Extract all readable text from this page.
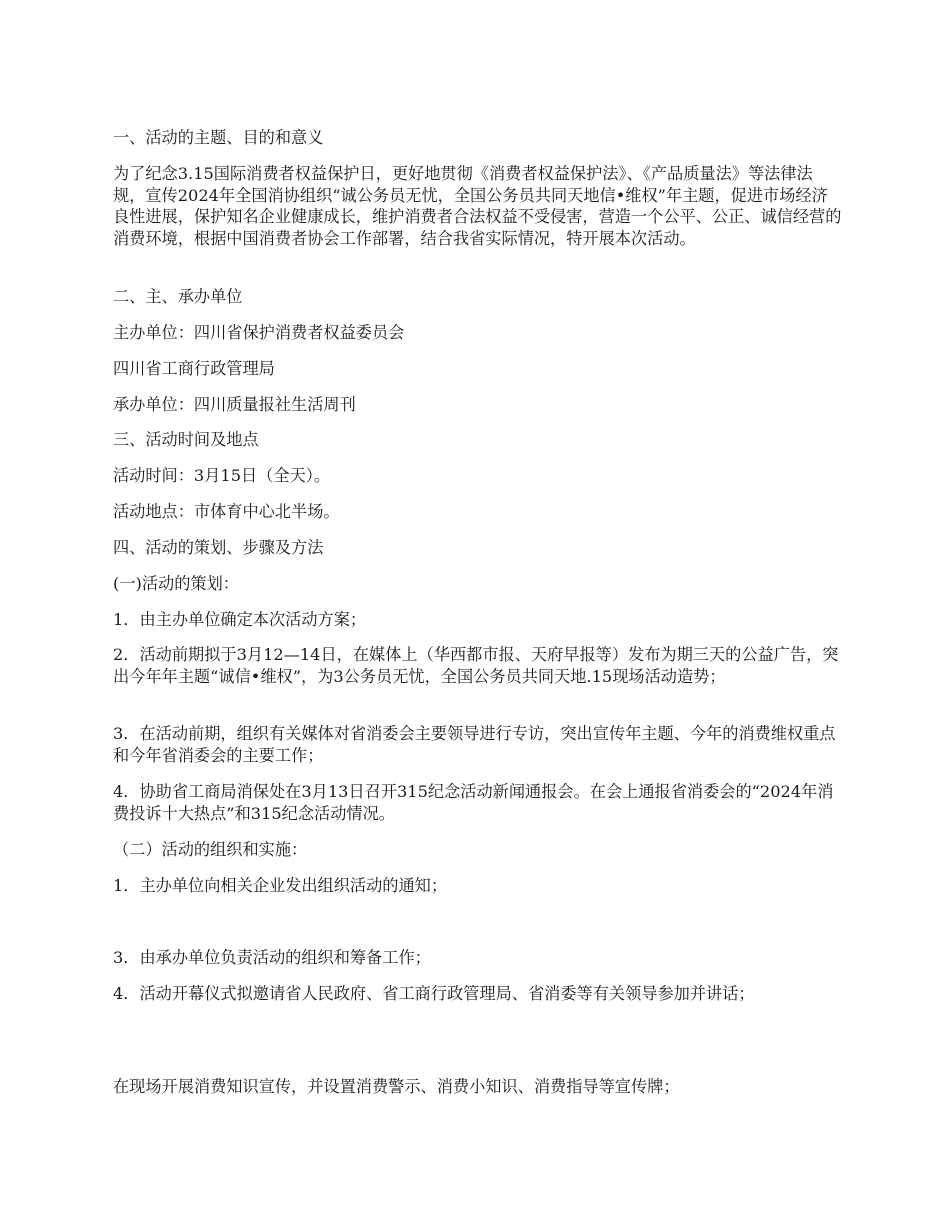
一、活动的主题、目的和意义

为了纪念3.15国际消费者权益保护日，更好地贯彻《消费者权益保护法》、《产品质量法》等法律法规，宣传2024年全国消协组织“诚公务员无忧，全国公务员共同天地信•维权”年主题，促进市场经济良性进展，保护知名企业健康成长，维护消费者合法权益不受侵害，营造一个公平、公正、诚信经营的消费环境，根据中国消费者协会工作部署，结合我省实际情况，特开展本次活动。

二、主、承办单位

主办单位：四川省保护消费者权益委员会

四川省工商行政管理局

承办单位：四川质量报社生活周刊

三、活动时间及地点

活动时间：3月15日（全天）。

活动地点：市体育中心北半场。

四、活动的策划、步骤及方法

(一)活动的策划：

1．由主办单位确定本次活动方案；

2．活动前期拟于3月12—14日，在媒体上（华西都市报、天府早报等）发布为期三天的公益广告，突出今年年主题“诚信•维权”，为3公务员无忧，全国公务员共同天地.15现场活动造势；

3．在活动前期，组织有关媒体对省消委会主要领导进行专访，突出宣传年主题、今年的消费维权重点和今年省消委会的主要工作；

4．协助省工商局消保处在3月13日召开315纪念活动新闻通报会。在会上通报省消委会的“2024年消费投诉十大热点”和315纪念活动情况。

（二）活动的组织和实施：

1．主办单位向相关企业发出组织活动的通知；

3．由承办单位负责活动的组织和筹备工作；

4．活动开幕仪式拟邀请省人民政府、省工商行政管理局、省消委等有关领导参加并讲话；

在现场开展消费知识宣传，并设置消费警示、消费小知识、消费指导等宣传牌；
